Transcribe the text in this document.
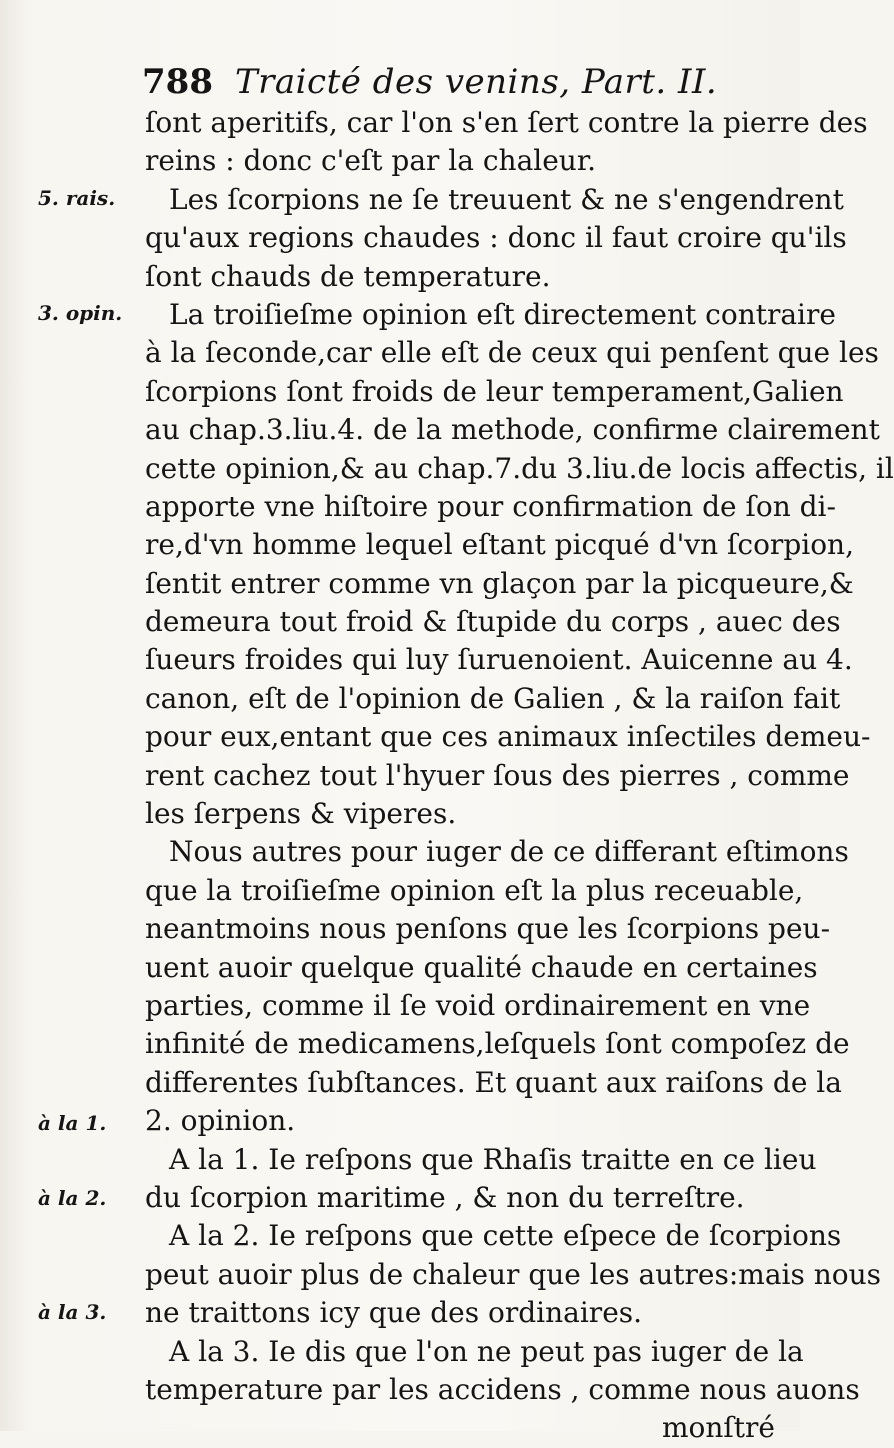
788 Traicté des venins, Part. II.
5. rais.
3. opin.
à la 1.
à la 2.
à la 3.
ſont aperitifs, car l'on s'en ſert contre la pierre des
reins : donc c'eſt par la chaleur.
Les ſcorpions ne ſe treuuent & ne s'engendrent
qu'aux regions chaudes : donc il faut croire qu'ils
ſont chauds de temperature.
La troiſieſme opinion eſt directement contraire
à la ſeconde,car elle eſt de ceux qui penſent que les
ſcorpions ſont froids de leur temperament,Galien
au chap.3.liu.4. de la methode, confirme clairement
cette opinion,& au chap.7.du 3.liu.de locis affectis, il
apporte vne hiſtoire pour confirmation de ſon di-
re,d'vn homme lequel eſtant picqué d'vn ſcorpion,
ſentit entrer comme vn glaçon par la picqueure,&
demeura tout froid & ſtupide du corps , auec des
ſueurs froides qui luy ſuruenoient. Auicenne au 4.
canon, eſt de l'opinion de Galien , & la raiſon fait
pour eux,entant que ces animaux inſectiles demeu-
rent cachez tout l'hyuer ſous des pierres , comme
les ſerpens & viperes.
Nous autres pour iuger de ce differant eſtimons
que la troiſieſme opinion eſt la plus receuable,
neantmoins nous penſons que les ſcorpions peu-
uent auoir quelque qualité chaude en certaines
parties, comme il ſe void ordinairement en vne
infinité de medicamens,leſquels ſont compoſez de
differentes ſubſtances. Et quant aux raiſons de la
2. opinion.
A la 1. Ie reſpons que Rhaſis traitte en ce lieu
du ſcorpion maritime , & non du terreſtre.
A la 2. Ie reſpons que cette eſpece de ſcorpions
peut auoir plus de chaleur que les autres:mais nous
ne traittons icy que des ordinaires.
A la 3. Ie dis que l'on ne peut pas iuger de la
temperature par les accidens , comme nous auons
monſtré
